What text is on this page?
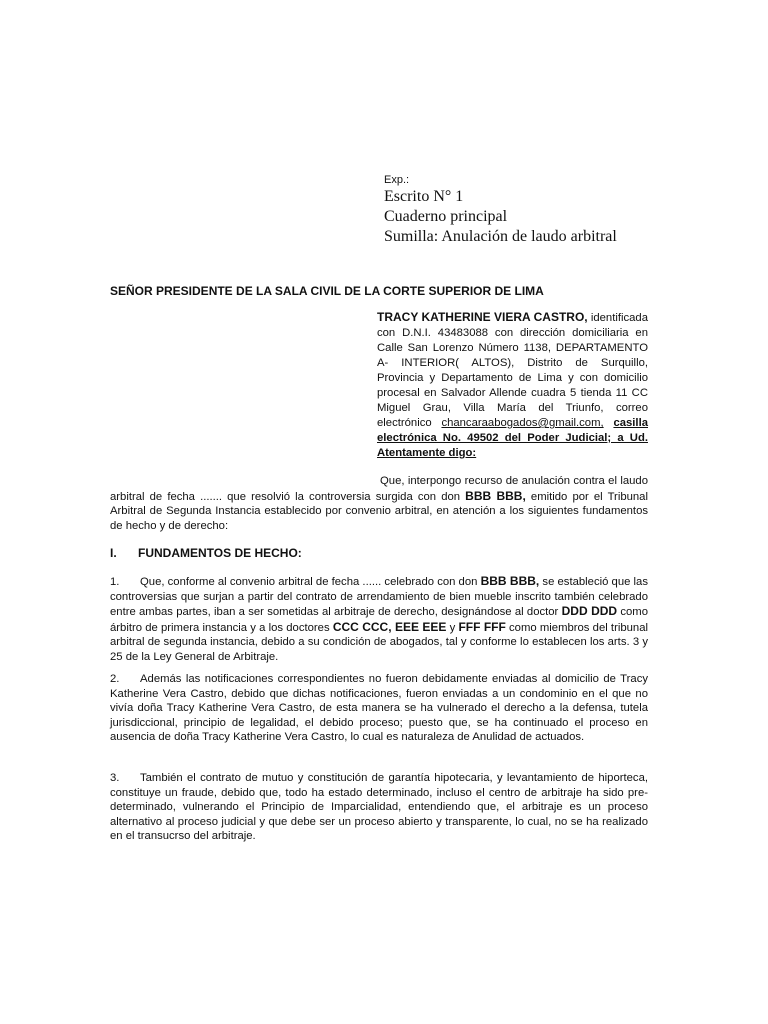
Exp.:

Escrito N° 1

Cuaderno principal

Sumilla: Anulación de laudo arbitral

SEÑOR PRESIDENTE DE LA SALA CIVIL DE LA CORTE SUPERIOR DE LIMA

TRACY KATHERINE VIERA CASTRO, identificada con D.N.I. 43483088 con dirección domiciliaria en Calle San Lorenzo Número 1138, DEPARTAMENTO A- INTERIOR( ALTOS), Distrito de Surquillo, Provincia y Departamento de Lima y con domicilio procesal en Salvador Allende cuadra 5 tienda 11 CC Miguel Grau, Villa María del Triunfo, correo electrónico chancaraabogados@gmail.com, casilla electrónica No. 49502 del Poder Judicial; a Ud. Atentamente digo:

Que, interpongo recurso de anulación contra el laudo arbitral de fecha ....... que resolvió la controversia surgida con don BBB BBB, emitido por el Tribunal Arbitral de Segunda Instancia establecido por convenio arbitral, en atención a los siguientes fundamentos de hecho y de derecho:

I. FUNDAMENTOS DE HECHO:

1. Que, conforme al convenio arbitral de fecha ...... celebrado con don BBB BBB, se estableció que las controversias que surjan a partir del contrato de arrendamiento de bien mueble inscrito también celebrado entre ambas partes, iban a ser sometidas al arbitraje de derecho, designándose al doctor DDD DDD como árbitro de primera instancia y a los doctores CCC CCC, EEE EEE y FFF FFF como miembros del tribunal arbitral de segunda instancia, debido a su condición de abogados, tal y conforme lo establecen los arts. 3 y 25 de la Ley General de Arbitraje.

2. Además las notificaciones correspondientes no fueron debidamente enviadas al domicilio de Tracy Katherine Vera Castro, debido que dichas notificaciones, fueron enviadas a un condominio en el que no vivía doña Tracy Katherine Vera Castro, de esta manera se ha vulnerado el derecho a la defensa, tutela jurisdiccional, principio de legalidad, el debido proceso; puesto que, se ha continuado el proceso en ausencia de doña Tracy Katherine Vera Castro, lo cual es naturaleza de Anulidad de actuados.

3. También el contrato de mutuo y constitución de garantía hipotecaria, y levantamiento de hiporteca, constituye un fraude, debido que, todo ha estado determinado, incluso el centro de arbitraje ha sido pre- determinado, vulnerando el Principio de Imparcialidad, entendiendo que, el arbitraje es un proceso alternativo al proceso judicial y que debe ser un proceso abierto y transparente, lo cual, no se ha realizado en el transucrso del arbitraje.
